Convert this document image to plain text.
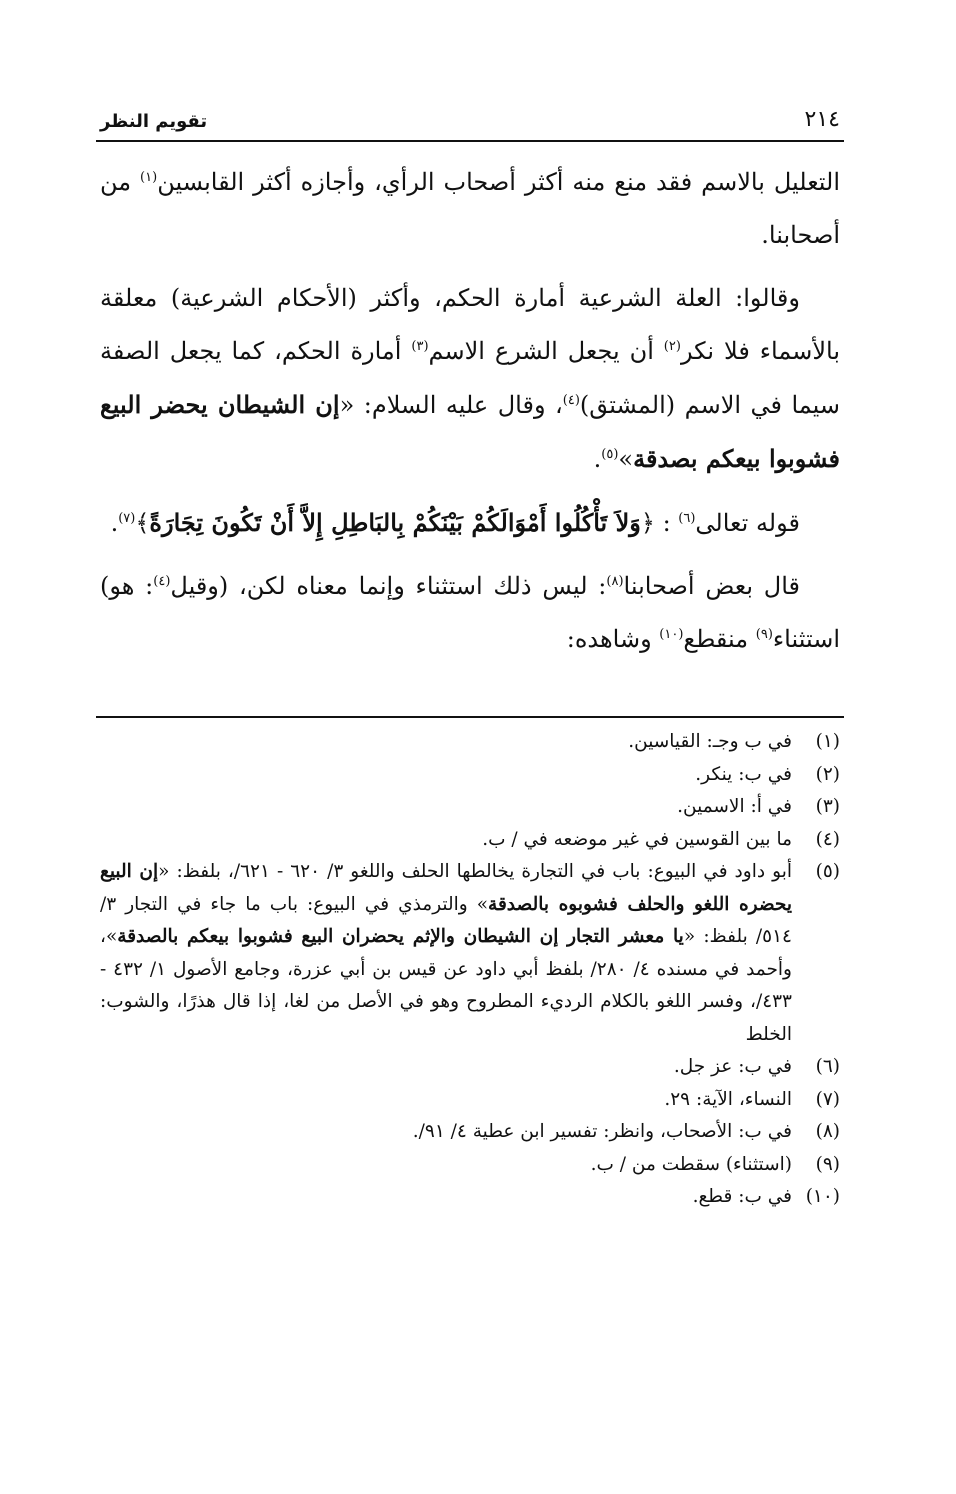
٢١٤
تقويم النظر

التعليل بالاسم فقد منع منه أكثر أصحاب الرأي، وأجازه أكثر القابسين$^{(١)}$ من أصحابنا.

وقالوا: العلة الشرعية أمارة الحكم، وأكثر (الأحكام الشرعية) معلقة بالأسماء فلا نكر$^{(٢)}$ أن يجعل الشرع الاسم$^{(٣)}$ أمارة الحكم، كما يجعل الصفة سيما في الاسم (المشتق)$^{(٤)}$، وقال عليه السلام: «إن الشيطان يحضر البيع فشوبوا بيعكم بصدقة»$^{(٥)}$.

قوله تعالى$^{(٦)}$ : ﴿وَلاَ تَأْكُلُوا أَمْوَالَكُمْ بَيْنَكُمْ بِالبَاطِلِ إِلاَّ أَنْ تَكُونَ تِجَارَةً﴾$^{(٧)}$.

قال بعض أصحابنا$^{(٨)}$: ليس ذلك استثناء وإنما معناه لكن، (وقيل$^{(٤)}$: هو) استثناء$^{(٩)}$ منقطع$^{(١٠)}$ وشاهده:

(١)
في ب وجـ: القياسين.
(٢)
في ب: ينكر.
(٣)
في أ: الاسمين.
(٤)
ما بين القوسين في غير موضعه في / ب.
(٥)
أبو داود في البيوع: باب في التجارة يخالطها الحلف واللغو ٣/ ٦٢٠ - ٦٢١/، بلفظ: «إن البيع يحضره اللغو والحلف فشوبوه بالصدقة» والترمذي في البيوع: باب ما جاء في التجار ٣/ ٥١٤/ بلفظ: «يا معشر التجار إن الشيطان والإثم يحضران البيع فشوبوا بيعكم بالصدقة»، وأحمد في مسنده ٤/ ٢٨٠/ بلفظ أبي داود عن قيس بن أبي عزرة، وجامع الأصول ١/ ٤٣٢ - ٤٣٣/، وفسر اللغو بالكلام الرديء المطروح وهو في الأصل من لغا، إذا قال هذرًا، والشوب: الخلط
(٦)
في ب: عز جل.
(٧)
النساء، الآية: ٢٩.
(٨)
في ب: الأصحاب، وانظر: تفسير ابن عطية ٤/ ٩١/.
(٩)
(استثناء) سقطت من / ب.
(١٠)
في ب: قطع.
